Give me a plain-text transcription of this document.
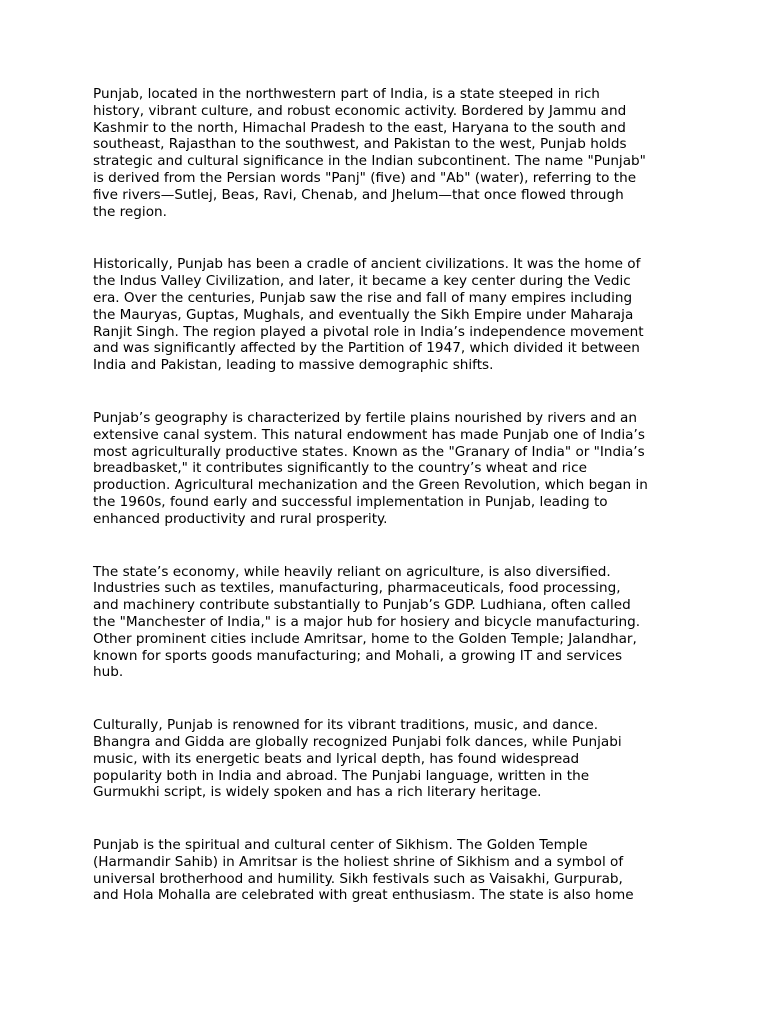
Punjab, located in the northwestern part of India, is a state steeped in rich
history, vibrant culture, and robust economic activity. Bordered by Jammu and
Kashmir to the north, Himachal Pradesh to the east, Haryana to the south and
southeast, Rajasthan to the southwest, and Pakistan to the west, Punjab holds
strategic and cultural significance in the Indian subcontinent. The name "Punjab"
is derived from the Persian words "Panj" (five) and "Ab" (water), referring to the
five rivers—Sutlej, Beas, Ravi, Chenab, and Jhelum—that once flowed through
the region.

Historically, Punjab has been a cradle of ancient civilizations. It was the home of
the Indus Valley Civilization, and later, it became a key center during the Vedic
era. Over the centuries, Punjab saw the rise and fall of many empires including
the Mauryas, Guptas, Mughals, and eventually the Sikh Empire under Maharaja
Ranjit Singh. The region played a pivotal role in India’s independence movement
and was significantly affected by the Partition of 1947, which divided it between
India and Pakistan, leading to massive demographic shifts.

Punjab’s geography is characterized by fertile plains nourished by rivers and an
extensive canal system. This natural endowment has made Punjab one of India’s
most agriculturally productive states. Known as the "Granary of India" or "India’s
breadbasket," it contributes significantly to the country’s wheat and rice
production. Agricultural mechanization and the Green Revolution, which began in
the 1960s, found early and successful implementation in Punjab, leading to
enhanced productivity and rural prosperity.

The state’s economy, while heavily reliant on agriculture, is also diversified.
Industries such as textiles, manufacturing, pharmaceuticals, food processing,
and machinery contribute substantially to Punjab’s GDP. Ludhiana, often called
the "Manchester of India," is a major hub for hosiery and bicycle manufacturing.
Other prominent cities include Amritsar, home to the Golden Temple; Jalandhar,
known for sports goods manufacturing; and Mohali, a growing IT and services
hub.

Culturally, Punjab is renowned for its vibrant traditions, music, and dance.
Bhangra and Gidda are globally recognized Punjabi folk dances, while Punjabi
music, with its energetic beats and lyrical depth, has found widespread
popularity both in India and abroad. The Punjabi language, written in the
Gurmukhi script, is widely spoken and has a rich literary heritage.

Punjab is the spiritual and cultural center of Sikhism. The Golden Temple
(Harmandir Sahib) in Amritsar is the holiest shrine of Sikhism and a symbol of
universal brotherhood and humility. Sikh festivals such as Vaisakhi, Gurpurab,
and Hola Mohalla are celebrated with great enthusiasm. The state is also home
